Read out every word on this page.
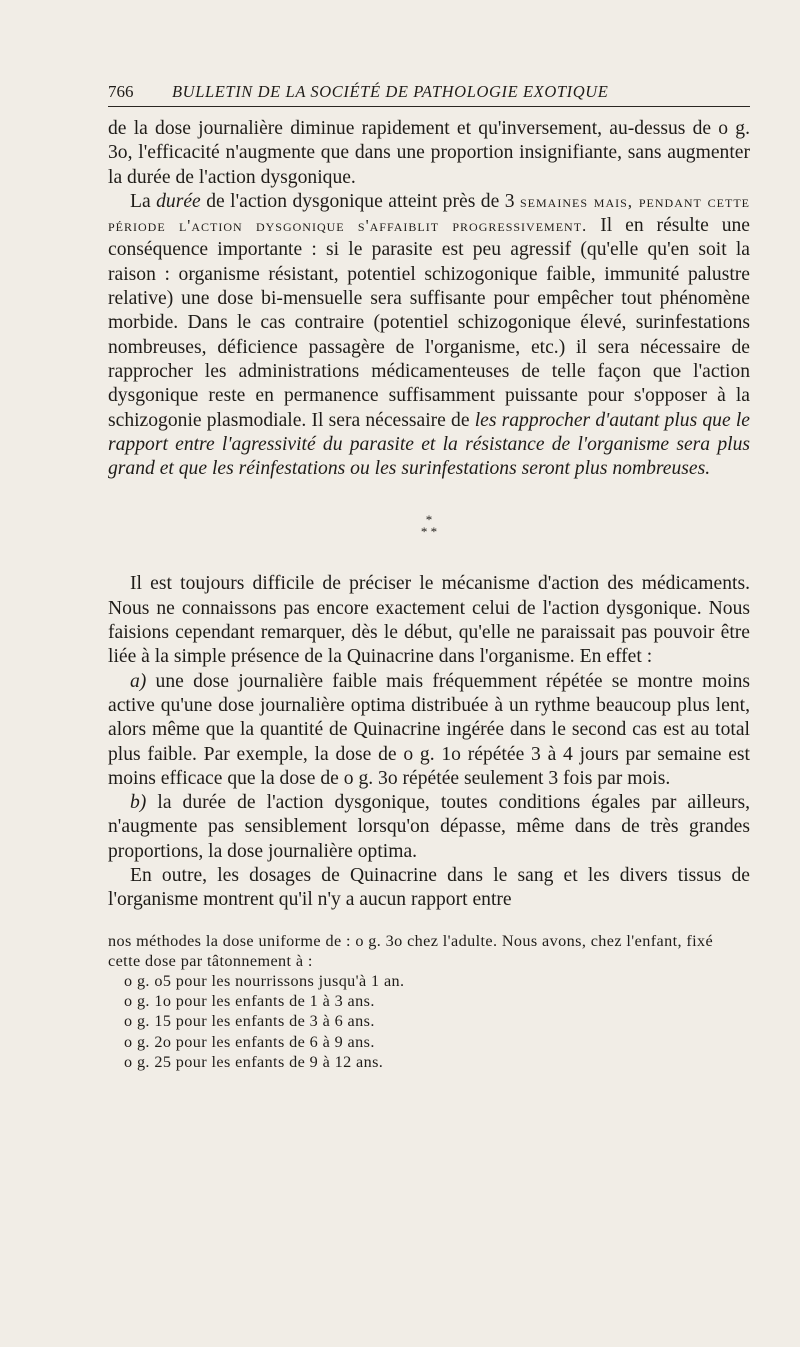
766	BULLETIN DE LA SOCIÉTÉ DE PATHOLOGIE EXOTIQUE

de la dose journalière diminue rapidement et qu'inversement, au-dessus de o g. 3o, l'efficacité n'augmente que dans une proportion insignifiante, sans augmenter la durée de l'action dysgonique.

La durée de l'action dysgonique atteint près de 3 semaines mais, pendant cette période l'action dysgonique s'affaiblit progressivement. Il en résulte une conséquence importante : si le parasite est peu agressif (qu'elle qu'en soit la raison : organisme résistant, potentiel schizogonique faible, immunité palustre relative) une dose bi-mensuelle sera suffisante pour empêcher tout phénomène morbide. Dans le cas contraire (potentiel schizogonique élevé, surinfestations nombreuses, déficience passagère de l'organisme, etc.) il sera nécessaire de rapprocher les administrations médicamenteuses de telle façon que l'action dysgonique reste en permanence suffisamment puissante pour s'opposer à la schizogonie plasmodiale. Il sera nécessaire de les rapprocher d'autant plus que le rapport entre l'agressivité du parasite et la résistance de l'organisme sera plus grand et que les réinfestations ou les surinfestations seront plus nombreuses.

*
* *

Il est toujours difficile de préciser le mécanisme d'action des médicaments. Nous ne connaissons pas encore exactement celui de l'action dysgonique. Nous faisions cependant remarquer, dès le début, qu'elle ne paraissait pas pouvoir être liée à la simple présence de la Quinacrine dans l'organisme. En effet :

a) une dose journalière faible mais fréquemment répétée se montre moins active qu'une dose journalière optima distribuée à un rythme beaucoup plus lent, alors même que la quantité de Quinacrine ingérée dans le second cas est au total plus faible. Par exemple, la dose de o g. 1o répétée 3 à 4 jours par semaine est moins efficace que la dose de o g. 3o répétée seulement 3 fois par mois.

b) la durée de l'action dysgonique, toutes conditions égales par ailleurs, n'augmente pas sensiblement lorsqu'on dépasse, même dans de très grandes proportions, la dose journalière optima.

En outre, les dosages de Quinacrine dans le sang et les divers tissus de l'organisme montrent qu'il n'y a aucun rapport entre

nos méthodes la dose uniforme de : o g. 3o chez l'adulte. Nous avons, chez l'enfant, fixé cette dose par tâtonnement à :

o g. o5 pour les nourrissons jusqu'à 1 an.

o g. 1o pour les enfants de 1 à 3 ans.

o g. 15 pour les enfants de 3 à 6 ans.

o g. 2o pour les enfants de 6 à 9 ans.

o g. 25 pour les enfants de 9 à 12 ans.
